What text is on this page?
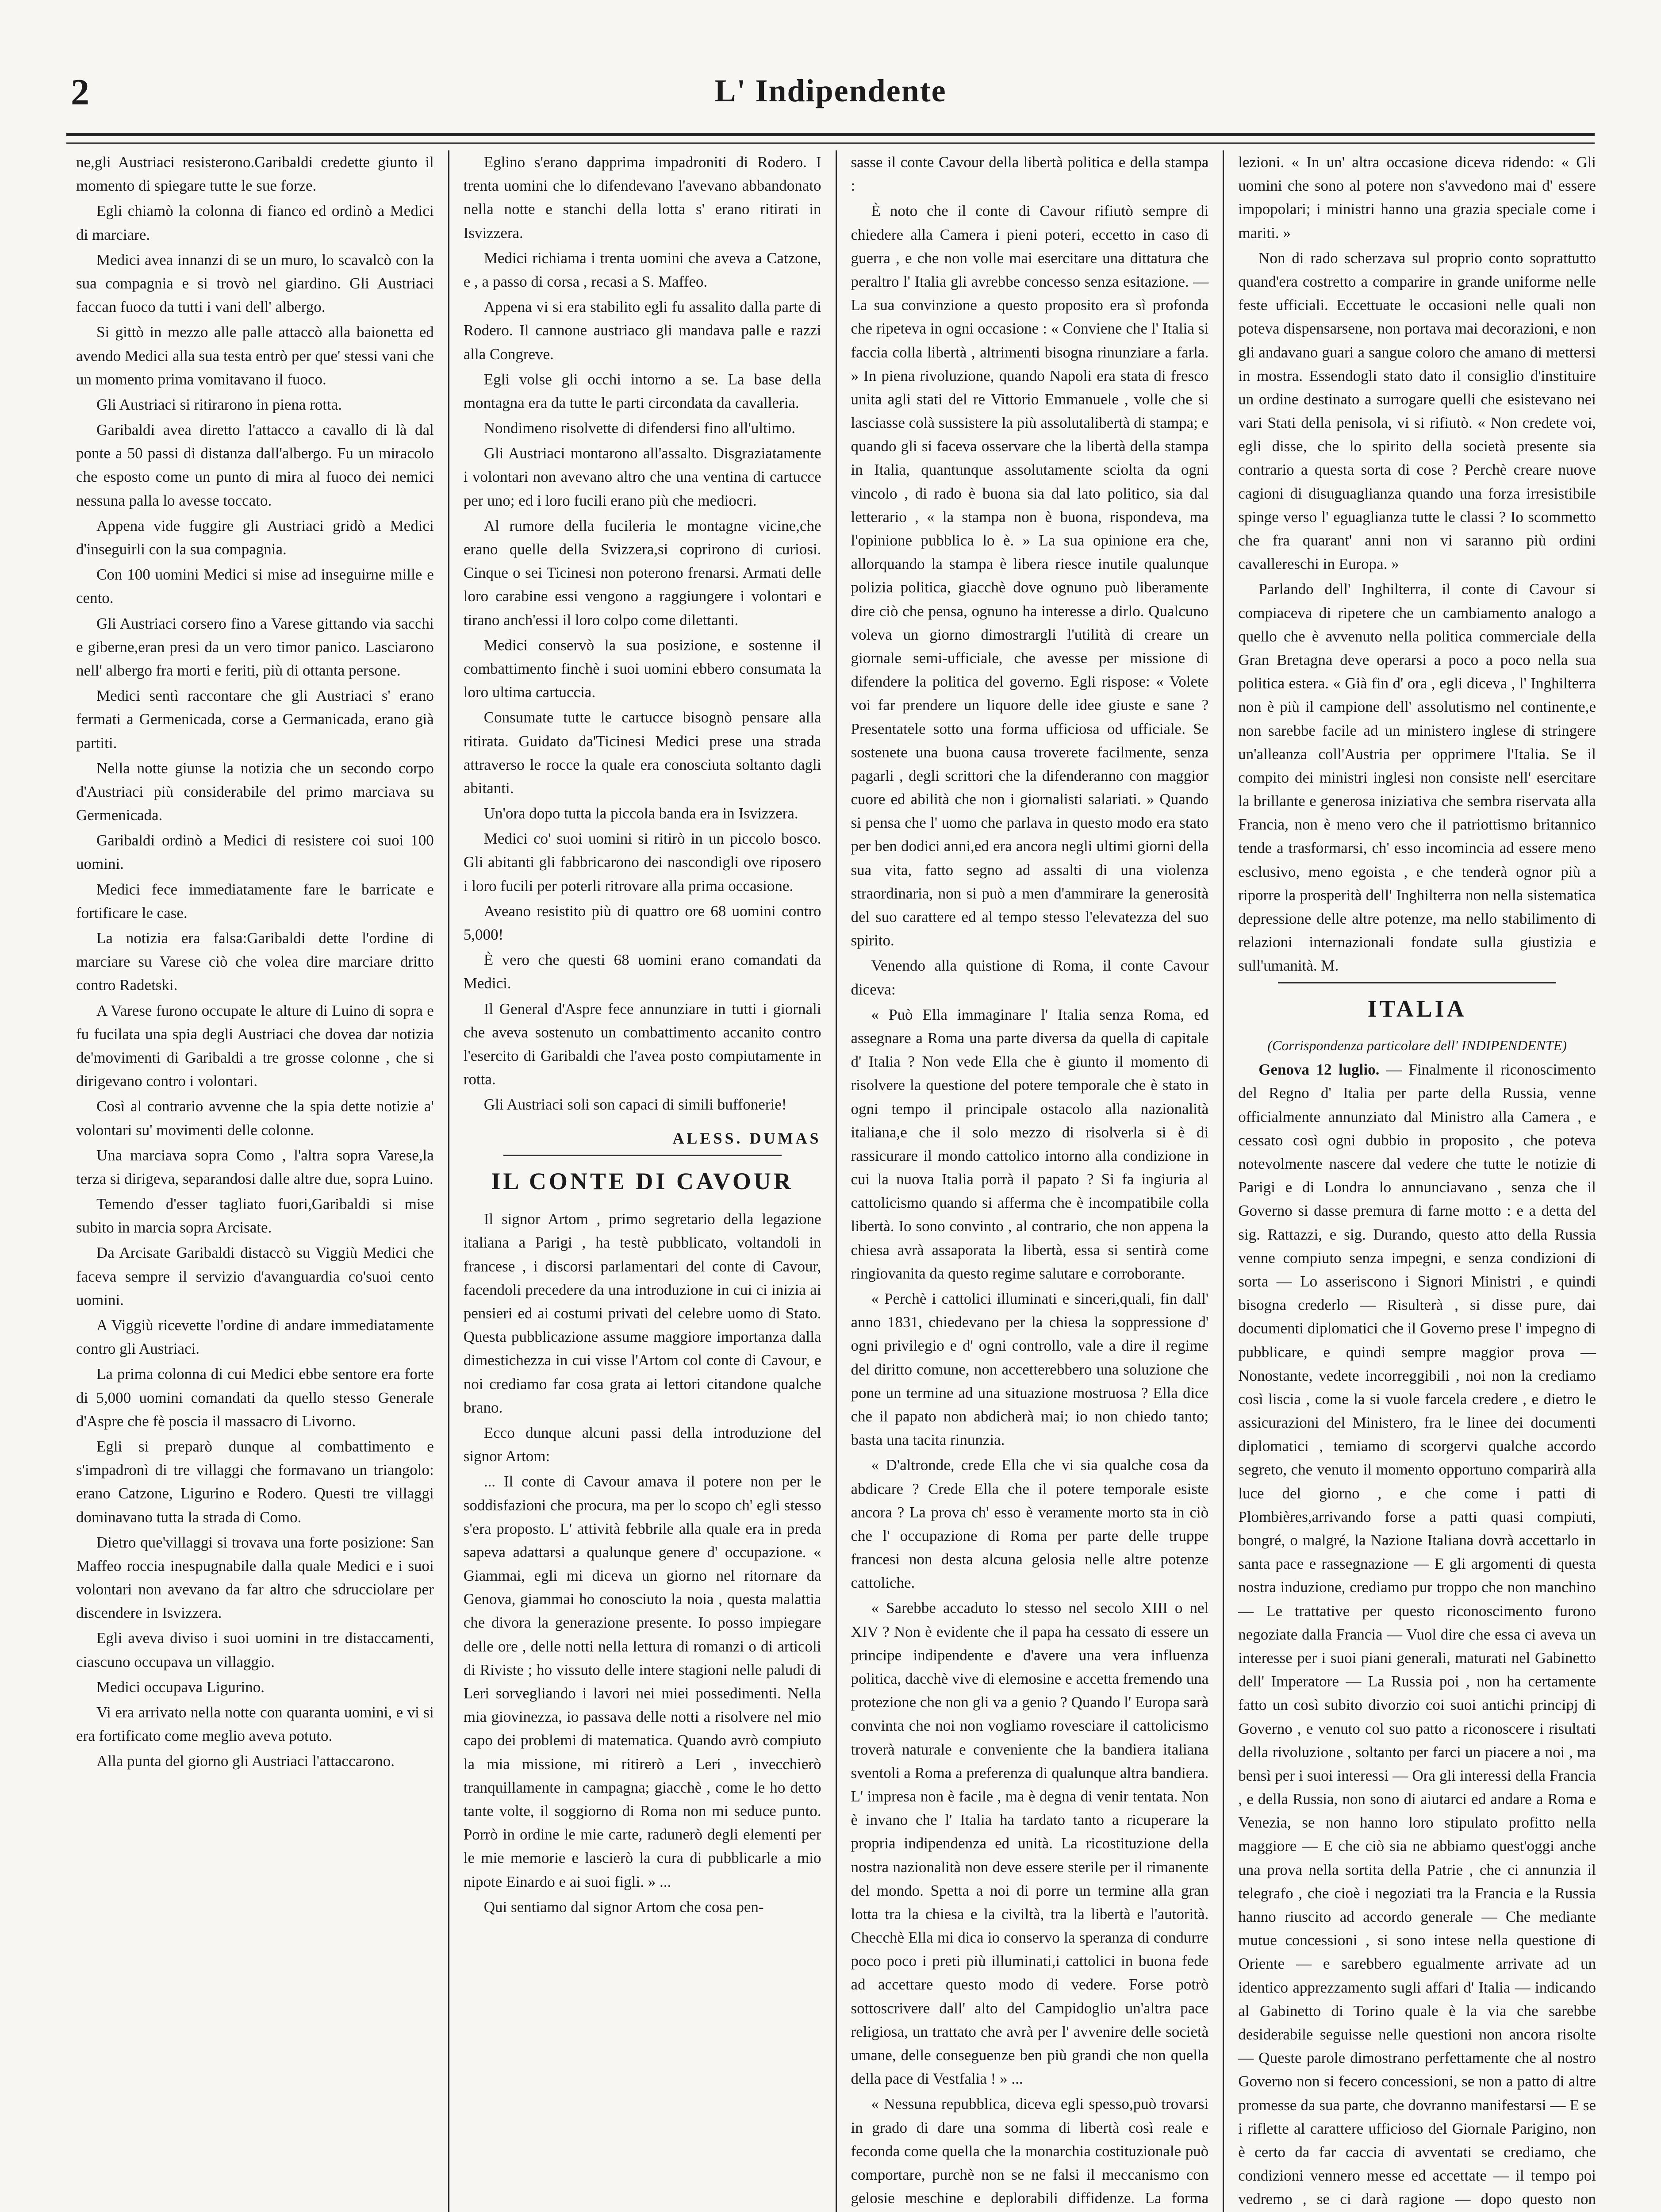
2	L' Indipendente

ne,gli Austriaci resisterono.Garibaldi credette giunto il momento di spiegare tutte le sue forze.

Egli chiamò la colonna di fianco ed ordinò a Medici di marciare.

Medici avea innanzi di se un muro, lo scavalcò con la sua compagnia e si trovò nel giardino. Gli Austriaci faccan fuoco da tutti i vani dell' albergo.

Si gittò in mezzo alle palle attaccò alla baionetta ed avendo Medici alla sua testa entrò per que' stessi vani che un momento prima vomitavano il fuoco.

Gli Austriaci si ritirarono in piena rotta.

Garibaldi avea diretto l'attacco a cavallo di là dal ponte a 50 passi di distanza dall'albergo. Fu un miracolo che esposto come un punto di mira al fuoco dei nemici nessuna palla lo avesse toccato.

Appena vide fuggire gli Austriaci gridò a Medici d'inseguirli con la sua compagnia.

Con 100 uomini Medici si mise ad inseguirne mille e cento.

Gli Austriaci corsero fino a Varese gittando via sacchi e giberne,eran presi da un vero timor panico. Lasciarono nell' albergo fra morti e feriti, più di ottanta persone.

Medici sentì raccontare che gli Austriaci s' erano fermati a Germenicada, corse a Germanicada, erano già partiti.

Nella notte giunse la notizia che un secondo corpo d'Austriaci più considerabile del primo marciava su Germenicada.

Garibaldi ordinò a Medici di resistere coi suoi 100 uomini.

Medici fece immediatamente fare le barricate e fortificare le case.

La notizia era falsa:Garibaldi dette l'ordine di marciare su Varese ciò che volea dire marciare dritto contro Radetski.

A Varese furono occupate le alture di Luino di sopra e fu fucilata una spia degli Austriaci che dovea dar notizia de'movimenti di Garibaldi a tre grosse colonne , che si dirigevano contro i volontari.

Così al contrario avvenne che la spia dette notizie a' volontari su' movimenti delle colonne.

Una marciava sopra Como , l'altra sopra Varese,la terza si dirigeva, separandosi dalle altre due, sopra Luino.

Temendo d'esser tagliato fuori,Garibaldi si mise subito in marcia sopra Arcisate.

Da Arcisate Garibaldi distaccò su Viggiù Medici che faceva sempre il servizio d'avanguardia co'suoi cento uomini.

A Viggiù ricevette l'ordine di andare immediatamente contro gli Austriaci.

La prima colonna di cui Medici ebbe sentore era forte di 5,000 uomini comandati da quello stesso Generale d'Aspre che fè poscia il massacro di Livorno.

Egli si preparò dunque al combattimento e s'impadronì di tre villaggi che formavano un triangolo: erano Catzone, Ligurino e Rodero. Questi tre villaggi dominavano tutta la strada di Como.

Dietro que'villaggi si trovava una forte posizione: San Maffeo roccia inespugnabile dalla quale Medici e i suoi volontari non avevano da far altro che sdrucciolare per discendere in Isvizzera.

Egli aveva diviso i suoi uomini in tre distaccamenti, ciascuno occupava un villaggio.

Medici occupava Ligurino.

Vi era arrivato nella notte con quaranta uomini, e vi si era fortificato come meglio aveva potuto.

Alla punta del giorno gli Austriaci l'attaccarono.

Eglino s'erano dapprima impadroniti di Rodero. I trenta uomini che lo difendevano l'avevano abbandonato nella notte e stanchi della lotta s' erano ritirati in Isvizzera.

Medici richiama i trenta uomini che aveva a Catzone, e , a passo di corsa , recasi a S. Maffeo.

Appena vi si era stabilito egli fu assalito dalla parte di Rodero. Il cannone austriaco gli mandava palle e razzi alla Congreve.

Egli volse gli occhi intorno a se. La base della montagna era da tutte le parti circondata da cavalleria.

Nondimeno risolvette di difendersi fino all'ultimo.

Gli Austriaci montarono all'assalto. Disgraziatamente i volontari non avevano altro che una ventina di cartucce per uno; ed i loro fucili erano più che mediocri.

Al rumore della fucileria le montagne vicine,che erano quelle della Svizzera,si coprirono di curiosi. Cinque o sei Ticinesi non poterono frenarsi. Armati delle loro carabine essi vengono a raggiungere i volontari e tirano anch'essi il loro colpo come dilettanti.

Medici conservò la sua posizione, e sostenne il combattimento finchè i suoi uomini ebbero consumata la loro ultima cartuccia.

Consumate tutte le cartucce bisognò pensare alla ritirata. Guidato da'Ticinesi Medici prese una strada attraverso le rocce la quale era conosciuta soltanto dagli abitanti.

Un'ora dopo tutta la piccola banda era in Isvizzera.

Medici co' suoi uomini si ritirò in un piccolo bosco. Gli abitanti gli fabbricarono dei nascondigli ove riposero i loro fucili per poterli ritrovare alla prima occasione.

Aveano resistito più di quattro ore 68 uomini contro 5,000!

È vero che questi 68 uomini erano comandati da Medici.

Il General d'Aspre fece annunziare in tutti i giornali che aveva sostenuto un combattimento accanito contro l'esercito di Garibaldi che l'avea posto compiutamente in rotta.

Gli Austriaci soli son capaci di simili buffonerie!

ALESS. DUMAS
IL CONTE DI CAVOUR

Il signor Artom , primo segretario della legazione italiana a Parigi , ha testè pubblicato, voltandoli in francese , i discorsi parlamentari del conte di Cavour, facendoli precedere da una introduzione in cui ci inizia ai pensieri ed ai costumi privati del celebre uomo di Stato. Questa pubblicazione assume maggiore importanza dalla dimestichezza in cui visse l'Artom col conte di Cavour, e noi crediamo far cosa grata ai lettori citandone qualche brano.

Ecco dunque alcuni passi della introduzione del signor Artom:

... Il conte di Cavour amava il potere non per le soddisfazioni che procura, ma per lo scopo ch' egli stesso s'era proposto. L' attività febbrile alla quale era in preda sapeva adattarsi a qualunque genere d' occupazione. « Giammai, egli mi diceva un giorno nel ritornare da Genova, giammai ho conosciuto la noia , questa malattia che divora la generazione presente. Io posso impiegare delle ore , delle notti nella lettura di romanzi o di articoli di Riviste ; ho vissuto delle intere stagioni nelle paludi di Leri sorvegliando i lavori nei miei possedimenti. Nella mia giovinezza, io passava delle notti a risolvere nel mio capo dei problemi di matematica. Quando avrò compiuto la mia missione, mi ritirerò a Leri , invecchierò tranquillamente in campagna; giacchè , come le ho detto tante volte, il soggiorno di Roma non mi seduce punto. Porrò in ordine le mie carte, radunerò degli elementi per le mie memorie e lascierò la cura di pubblicarle a mio nipote Einardo e ai suoi figli. » ...

Qui sentiamo dal signor Artom che cosa pen-

sasse il conte Cavour della libertà politica e della stampa :

È noto che il conte di Cavour rifiutò sempre di chiedere alla Camera i pieni poteri, eccetto in caso di guerra , e che non volle mai esercitare una dittatura che peraltro l' Italia gli avrebbe concesso senza esitazione. — La sua convinzione a questo proposito era sì profonda che ripeteva in ogni occasione : « Conviene che l' Italia si faccia colla libertà , altrimenti bisogna rinunziare a farla. » In piena rivoluzione, quando Napoli era stata di fresco unita agli stati del re Vittorio Emmanuele , volle che si lasciasse colà sussistere la più assolutalibertà di stampa; e quando gli si faceva osservare che la libertà della stampa in Italia, quantunque assolutamente sciolta da ogni vincolo , di rado è buona sia dal lato politico, sia dal letterario , « la stampa non è buona, rispondeva, ma l'opinione pubblica lo è. » La sua opinione era che, allorquando la stampa è libera riesce inutile qualunque polizia politica, giacchè dove ognuno può liberamente dire ciò che pensa, ognuno ha interesse a dirlo. Qualcuno voleva un giorno dimostrargli l'utilità di creare un giornale semi-ufficiale, che avesse per missione di difendere la politica del governo. Egli rispose: « Volete voi far prendere un liquore delle idee giuste e sane ? Presentatele sotto una forma ufficiosa od ufficiale. Se sostenete una buona causa troverete facilmente, senza pagarli , degli scrittori che la difenderanno con maggior cuore ed abilità che non i giornalisti salariati. » Quando si pensa che l' uomo che parlava in questo modo era stato per ben dodici anni,ed era ancora negli ultimi giorni della sua vita, fatto segno ad assalti di una violenza straordinaria, non si può a men d'ammirare la generosità del suo carattere ed al tempo stesso l'elevatezza del suo spirito.

Venendo alla quistione di Roma, il conte Cavour diceva:

« Può Ella immaginare l' Italia senza Roma, ed assegnare a Roma una parte diversa da quella di capitale d' Italia ? Non vede Ella che è giunto il momento di risolvere la questione del potere temporale che è stato in ogni tempo il principale ostacolo alla nazionalità italiana,e che il solo mezzo di risolverla si è di rassicurare il mondo cattolico intorno alla condizione in cui la nuova Italia porrà il papato ? Si fa ingiuria al cattolicismo quando si afferma che è incompatibile colla libertà. Io sono convinto , al contrario, che non appena la chiesa avrà assaporata la libertà, essa si sentirà come ringiovanita da questo regime salutare e corroborante.

« Perchè i cattolici illuminati e sinceri,quali, fin dall' anno 1831, chiedevano per la chiesa la soppressione d' ogni privilegio e d' ogni controllo, vale a dire il regime del diritto comune, non accetterebbero una soluzione che pone un termine ad una situazione mostruosa ? Ella dice che il papato non abdicherà mai; io non chiedo tanto; basta una tacita rinunzia.

« D'altronde, crede Ella che vi sia qualche cosa da abdicare ? Crede Ella che il potere temporale esiste ancora ? La prova ch' esso è veramente morto sta in ciò che l' occupazione di Roma per parte delle truppe francesi non desta alcuna gelosia nelle altre potenze cattoliche.

« Sarebbe accaduto lo stesso nel secolo XIII o nel XIV ? Non è evidente che il papa ha cessato di essere un principe indipendente e d'avere una vera influenza politica, dacchè vive di elemosine e accetta fremendo una protezione che non gli va a genio ? Quando l' Europa sarà convinta che noi non vogliamo rovesciare il cattolicismo troverà naturale e conveniente che la bandiera italiana sventoli a Roma a preferenza di qualunque altra bandiera. L' impresa non è facile , ma è degna di venir tentata. Non è invano che l' Italia ha tardato tanto a ricuperare la propria indipendenza ed unità. La ricostituzione della nostra nazionalità non deve essere sterile per il rimanente del mondo. Spetta a noi di porre un termine alla gran lotta tra la chiesa e la civiltà, tra la libertà e l'autorità. Checchè Ella mi dica io conservo la speranza di condurre poco poco i preti più illuminati,i cattolici in buona fede ad accettare questo modo di vedere. Forse potrò sottoscrivere dall' alto del Campidoglio un'altra pace religiosa, un trattato che avrà per l' avvenire delle società umane, delle conseguenze ben più grandi che non quella della pace di Vestfalia ! » ...

« Nessuna repubblica, diceva egli spesso,può trovarsi in grado di dare una somma di libertà così reale e feconda come quella che la monarchia costituzionale può comportare, purchè non se ne falsi il meccanismo con gelosie meschine e deplorabili diffidenze. La forma

lezioni. « In un' altra occasione diceva ridendo: « Gli uomini che sono al potere non s'avvedono mai d' essere impopolari; i ministri hanno una grazia speciale come i mariti. »

Non di rado scherzava sul proprio conto soprattutto quand'era costretto a comparire in grande uniforme nelle feste ufficiali. Eccettuate le occasioni nelle quali non poteva dispensarsene, non portava mai decorazioni, e non gli andavano guari a sangue coloro che amano di mettersi in mostra. Essendogli stato dato il consiglio d'instituire un ordine destinato a surrogare quelli che esistevano nei vari Stati della penisola, vi si rifiutò. « Non credete voi, egli disse, che lo spirito della società presente sia contrario a questa sorta di cose ? Perchè creare nuove cagioni di disuguaglianza quando una forza irresistibile spinge verso l' eguaglianza tutte le classi ? Io scommetto che fra quarant' anni non vi saranno più ordini cavallereschi in Europa. »

Parlando dell' Inghilterra, il conte di Cavour si compiaceva di ripetere che un cambiamento analogo a quello che è avvenuto nella politica commerciale della Gran Bretagna deve operarsi a poco a poco nella sua politica estera. « Già fin d' ora , egli diceva , l' Inghilterra non è più il campione dell' assolutismo nel continente,e non sarebbe facile ad un ministero inglese di stringere un'alleanza coll'Austria per opprimere l'Italia. Se il compito dei ministri inglesi non consiste nell' esercitare la brillante e generosa iniziativa che sembra riservata alla Francia, non è meno vero che il patriottismo britannico tende a trasformarsi, ch' esso incomincia ad essere meno esclusivo, meno egoista , e che tenderà ognor più a riporre la prosperità dell' Inghilterra non nella sistematica depressione delle altre potenze, ma nello stabilimento di relazioni internazionali fondate sulla giustizia e sull'umanità. M.

ITALIA

(Corrispondenza particolare dell' INDIPENDENTE)

Genova 12 luglio. — Finalmente il riconoscimento del Regno d' Italia per parte della Russia, venne officialmente annunziato dal Ministro alla Camera , e cessato così ogni dubbio in proposito , che poteva notevolmente nascere dal vedere che tutte le notizie di Parigi e di Londra lo annunciavano , senza che il Governo si dasse premura di farne motto : e a detta del sig. Rattazzi, e sig. Durando, questo atto della Russia venne compiuto senza impegni, e senza condizioni di sorta — Lo asseriscono i Signori Ministri , e quindi bisogna crederlo — Risulterà , si disse pure, dai documenti diplomatici che il Governo prese l' impegno di pubblicare, e quindi sempre maggior prova — Nonostante, vedete incorreggibili , noi non la crediamo così liscia , come la si vuole farcela credere , e dietro le assicurazioni del Ministero, fra le linee dei documenti diplomatici , temiamo di scorgervi qualche accordo segreto, che venuto il momento opportuno comparirà alla luce del giorno , e che come i patti di Plombières,arrivando forse a patti quasi compiuti, bongré, o malgré, la Nazione Italiana dovrà accettarlo in santa pace e rassegnazione — E gli argomenti di questa nostra induzione, crediamo pur troppo che non manchino — Le trattative per questo riconoscimento furono negoziate dalla Francia — Vuol dire che essa ci aveva un interesse per i suoi piani generali, maturati nel Gabinetto dell' Imperatore — La Russia poi , non ha certamente fatto un così subito divorzio coi suoi antichi principj di Governo , e venuto col suo patto a riconoscere i risultati della rivoluzione , soltanto per farci un piacere a noi , ma bensì per i suoi interessi — Ora gli interessi della Francia , e della Russia, non sono di aiutarci ed andare a Roma e Venezia, se non hanno loro stipulato profitto nella maggiore — E che ciò sia ne abbiamo quest'oggi anche una prova nella sortita della Patrie , che ci annunzia il telegrafo , che cioè i negoziati tra la Francia e la Russia hanno riuscito ad accordo generale — Che mediante mutue concessioni , si sono intese nella questione di Oriente — e sarebbero egualmente arrivate ad un identico apprezzamento sugli affari d' Italia — indicando al Gabinetto di Torino quale è la via che sarebbe desiderabile seguisse nelle questioni non ancora risolte — Queste parole dimostrano perfettamente che al nostro Governo non si fecero concessioni, se non a patto di altre promesse da sua parte, che dovranno manifestarsi — E se i riflette al carattere ufficioso del Giornale Parigino, non è certo da far caccia di avventati se crediamo, che condizioni vennero messe ed accettate — il tempo poi vedremo , se ci darà ragione — dopo questo non
